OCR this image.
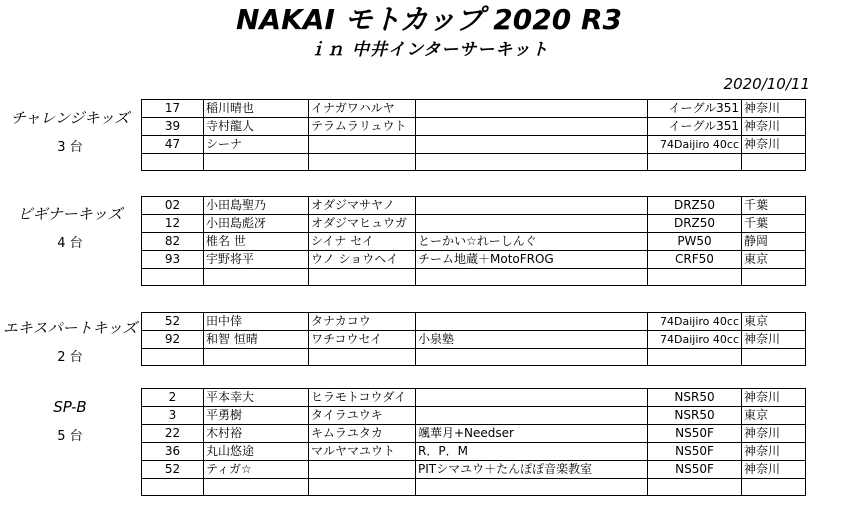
NAKAI モトカップ 2020 R3
ｉｎ 中井インターサーキット
2020/10/11
チャレンジキッズ
3 台
17	稲川晴也	イナガワハルヤ		イーグル351	神奈川
39	寺村龍人	テラムラリュウト		イーグル351	神奈川
47	シーナ			74Daijiro 40cc	神奈川

ビギナーキッズ
4 台
02	小田島聖乃	オダジマサヤノ		DRZ50	千葉
12	小田島彪冴	オダジマヒュウガ		DRZ50	千葉
82	椎名 世	シイナ セイ	とーかい☆れーしんぐ	PW50	静岡
93	宇野将平	ウノ ショウヘイ	チーム地蔵＋MotoFROG	CRF50	東京

エキスパートキッズ
2 台
52	田中倖	タナカコウ		74Daijiro 40cc	東京
92	和智 恒晴	ワチコウセイ	小泉塾	74Daijiro 40cc	神奈川

SP-B
5 台
2	平本幸大	ヒラモトコウダイ		NSR50	神奈川
3	平勇樹	タイラユウキ		NSR50	東京
22	木村裕	キムラユタカ	颯華月+Needser	NS50F	神奈川
36	丸山悠途	マルヤマユウト	R．P．M	NS50F	神奈川
52	ティガ☆		PITシマユウ＋たんぽぽ音楽教室	NS50F	神奈川
